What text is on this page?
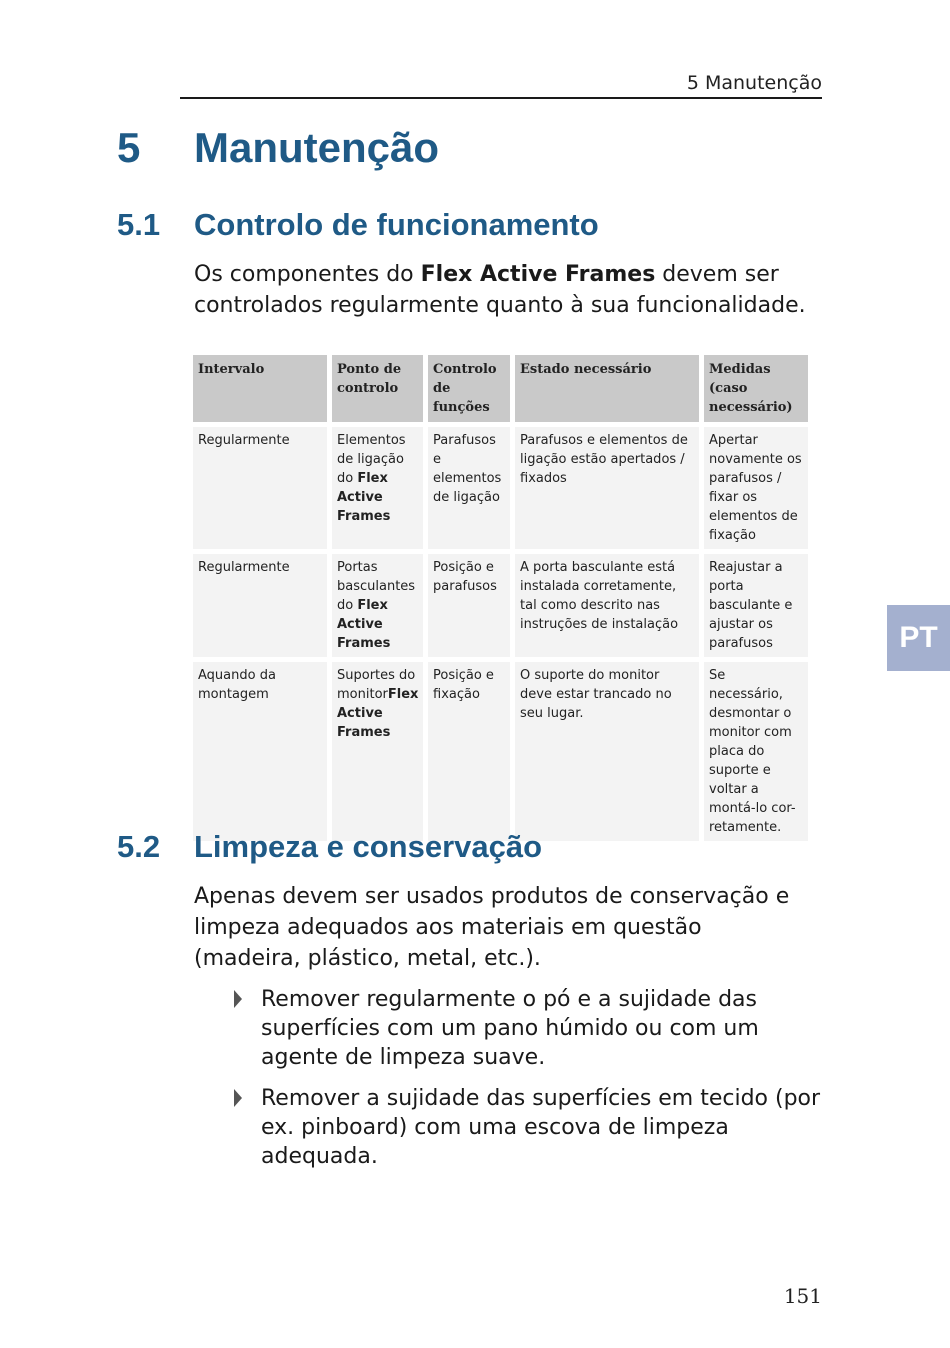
5 Manutenção
5 Manutenção
5.1 Controlo de funcionamento
Os componentes do Flex Active Frames devem ser controlados regularmente quanto à sua funcionalidade.
Intervalo	Ponto de controlo	Controlo de funções	Estado necessário	Medidas (caso necessário)
Regularmente	Elementos de ligação do Flex Active Frames	Parafusos e elementos de ligação	Parafusos e elementos de ligação estão apertados / fixados	Apertar novamente os parafusos / fixar os elementos de fixação
Regularmente	Portas basculantes do Flex Active Frames	Posição e parafusos	A porta basculante está instalada corretamente, tal como descrito nas instruções de instalação	Reajustar a porta basculante e ajustar os parafusos
Aquando da montagem	Suportes do monitorFlex Active Frames	Posição e fixação	O suporte do monitor deve estar trancado no seu lugar.	Se necessário, desmontar o monitor com placa do suporte e voltar a montá-lo cor-retamente.
PT
5.2 Limpeza e conservação
Apenas devem ser usados produtos de conservação e limpeza adequados aos materiais em questão (madeira, plástico, metal, etc.).
Remover regularmente o pó e a sujidade das superfícies com um pano húmido ou com um agente de limpeza suave.
Remover a sujidade das superfícies em tecido (por ex. pinboard) com uma escova de limpeza adequada.
151
